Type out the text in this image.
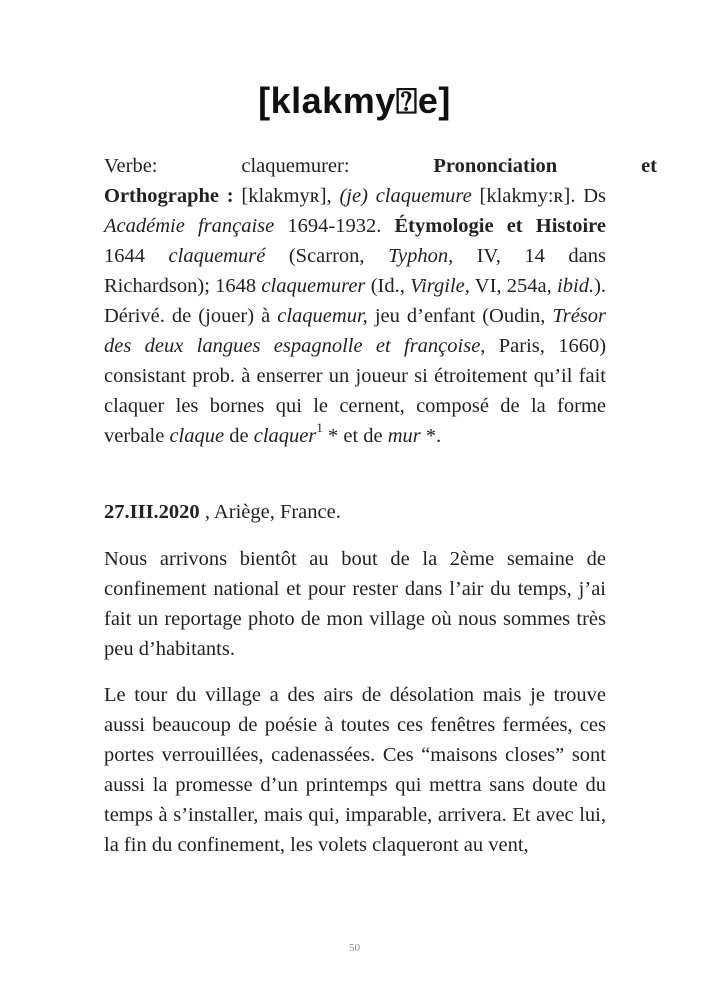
[klakmy⍰e]
Verbe:	claquemurer:	Prononciation	et
Orthographe : [klakmyʀ], (je) claquemure [klakmy:ʀ]. Ds Académie française 1694-1932. Étymologie et Histoire 1644 claquemuré (Scarron, Typhon, IV, 14 dans Richardson); 1648 claquemurer (Id., Virgile, VI, 254a, ibid.). Dérivé. de (jouer) à claquemur, jeu d’enfant (Oudin, Trésor des deux langues espagnolle et françoise, Paris, 1660) consistant prob. à enserrer un joueur si étroitement qu’il fait claquer les bornes qui le cernent, composé de la forme verbale claque de claquer$^1$ * et de mur *.

27.III.2020 , Ariège, France.

Nous arrivons bientôt au bout de la 2ème semaine de confinement national et pour rester dans l’air du temps, j’ai fait un reportage photo de mon village où nous sommes très peu d’habitants.

Le tour du village a des airs de désolation mais je trouve aussi beaucoup de poésie à toutes ces fenêtres fermées, ces portes verrouillées, cadenassées. Ces “maisons closes” sont aussi la promesse d’un printemps qui mettra sans doute du temps à s’installer, mais qui, imparable, arrivera. Et avec lui, la fin du confinement, les volets claqueront au vent,

50
